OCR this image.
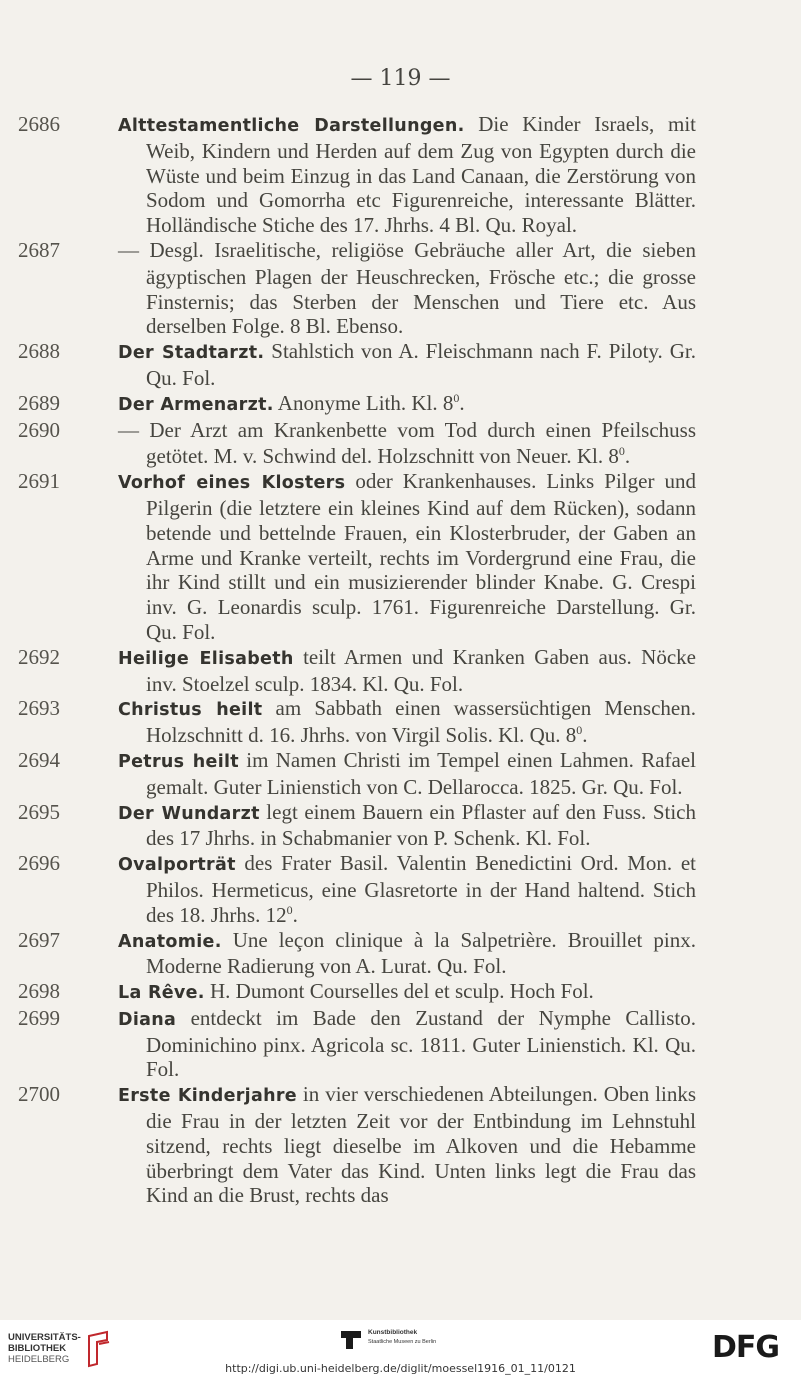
— 119 —
2686	Alttestamentliche Darstellungen. Die Kinder Israels, mit Weib, Kindern und Herden auf dem Zug von Egypten durch die Wüste und beim Einzug in das Land Canaan, die Zerstörung von Sodom und Gomorrha etc Figurenreiche, interessante Blätter. Holländische Stiche des 17. Jhrhs. 4 Bl. Qu. Royal.
2687	— Desgl. Israelitische, religiöse Gebräuche aller Art, die sieben ägyptischen Plagen der Heuschrecken, Frösche etc.; die grosse Finsternis; das Sterben der Menschen und Tiere etc. Aus derselben Folge. 8 Bl. Ebenso.
2688	Der Stadtarzt. Stahlstich von A. Fleischmann nach F. Piloty. Gr. Qu. Fol.
2689	Der Armenarzt. Anonyme Lith. Kl. $8^0$.
2690	— Der Arzt am Krankenbette vom Tod durch einen Pfeilschuss getötet. M. v. Schwind del. Holzschnitt von Neuer. Kl. $8^0$.
2691	Vorhof eines Klosters oder Krankenhauses. Links Pilger und Pilgerin (die letztere ein kleines Kind auf dem Rücken), sodann betende und bettelnde Frauen, ein Klosterbruder, der Gaben an Arme und Kranke verteilt, rechts im Vordergrund eine Frau, die ihr Kind stillt und ein musizierender blinder Knabe. G. Crespi inv. G. Leonardis sculp. 1761. Figurenreiche Darstellung. Gr. Qu. Fol.
2692	Heilige Elisabeth teilt Armen und Kranken Gaben aus. Nöcke inv. Stoelzel sculp. 1834. Kl. Qu. Fol.
2693	Christus heilt am Sabbath einen wassersüchtigen Menschen. Holzschnitt d. 16. Jhrhs. von Virgil Solis. Kl. Qu. $8^0$.
2694	Petrus heilt im Namen Christi im Tempel einen Lahmen. Rafael gemalt. Guter Linienstich von C. Dellarocca. 1825. Gr. Qu. Fol.
2695	Der Wundarzt legt einem Bauern ein Pflaster auf den Fuss. Stich des 17 Jhrhs. in Schabmanier von P. Schenk. Kl. Fol.
2696	Ovalporträt des Frater Basil. Valentin Benedictini Ord. Mon. et Philos. Hermeticus, eine Glasretorte in der Hand haltend. Stich des 18. Jhrhs. $12^0$.
2697	Anatomie. Une leçon clinique à la Salpetrière. Brouillet pinx. Moderne Radierung von A. Lurat. Qu. Fol.
2698	La Rêve. H. Dumont Courselles del et sculp. Hoch Fol.
2699	Diana entdeckt im Bade den Zustand der Nymphe Callisto. Dominichino pinx. Agricola sc. 1811. Guter Linienstich. Kl. Qu. Fol.
2700	Erste Kinderjahre in vier verschiedenen Abteilungen. Oben links die Frau in der letzten Zeit vor der Entbindung im Lehnstuhl sitzend, rechts liegt dieselbe im Alkoven und die Hebamme überbringt dem Vater das Kind. Unten links legt die Frau das Kind an die Brust, rechts das
UNIVERSITÄTS-
BIBLIOTHEK
HEIDELBERG
Kunstbibliothek
Staatliche Museen zu Berlin	DFG
http://digi.ub.uni-heidelberg.de/diglit/moessel1916_01_11/0121
